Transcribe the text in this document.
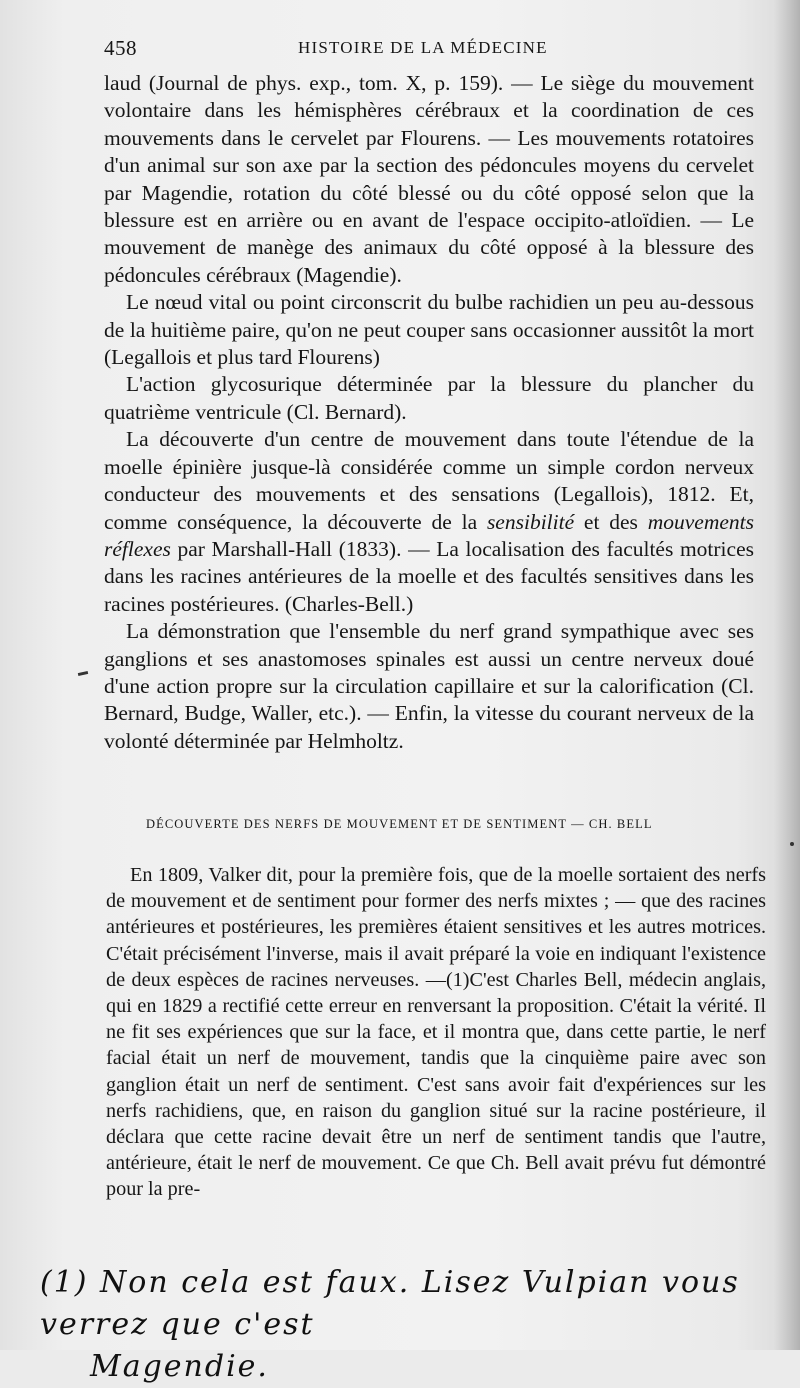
458	HISTOIRE DE LA MÉDECINE

laud (Journal de phys. exp., tom. X, p. 159). — Le siège du mouvement volontaire dans les hémisphères cérébraux et la coordination de ces mouvements dans le cervelet par Flourens. — Les mouvements rotatoires d'un animal sur son axe par la section des pédoncules moyens du cervelet par Magendie, rotation du côté blessé ou du côté opposé selon que la blessure est en arrière ou en avant de l'espace occipito-atloïdien. — Le mouvement de manège des animaux du côté opposé à la blessure des pédoncules cérébraux (Magendie).

Le nœud vital ou point circonscrit du bulbe rachidien un peu au-dessous de la huitième paire, qu'on ne peut couper sans occasionner aussitôt la mort (Legallois et plus tard Flourens)

L'action glycosurique déterminée par la blessure du plancher du quatrième ventricule (Cl. Bernard).

La découverte d'un centre de mouvement dans toute l'étendue de la moelle épinière jusque-là considérée comme un simple cordon nerveux conducteur des mouvements et des sensations (Legallois), 1812. Et, comme conséquence, la découverte de la sensibilité et des mouvements réflexes par Marshall-Hall (1833). — La localisation des facultés motrices dans les racines antérieures de la moelle et des facultés sensitives dans les racines postérieures. (Charles-Bell.)

La démonstration que l'ensemble du nerf grand sympathique avec ses ganglions et ses anastomoses spinales est aussi un centre nerveux doué d'une action propre sur la circulation capillaire et sur la calorification (Cl. Bernard, Budge, Waller, etc.). — Enfin, la vitesse du courant nerveux de la volonté déterminée par Helmholtz.

DÉCOUVERTE DES NERFS DE MOUVEMENT ET DE SENTIMENT — CH. BELL

En 1809, Valker dit, pour la première fois, que de la moelle sortaient des nerfs de mouvement et de sentiment pour former des nerfs mixtes ; — que des racines antérieures et postérieures, les premières étaient sensitives et les autres motrices. C'était précisément l'inverse, mais il avait préparé la voie en indiquant l'existence de deux espèces de racines nerveuses. —(1)C'est Charles Bell, médecin anglais, qui en 1829 a rectifié cette erreur en renversant la proposition. C'était la vérité. Il ne fit ses expériences que sur la face, et il montra que, dans cette partie, le nerf facial était un nerf de mouvement, tandis que la cinquième paire avec son ganglion était un nerf de sentiment. C'est sans avoir fait d'expériences sur les nerfs rachidiens, que, en raison du ganglion situé sur la racine postérieure, il déclara que cette racine devait être un nerf de sentiment tandis que l'autre, antérieure, était le nerf de mouvement. Ce que Ch. Bell avait prévu fut démontré pour la pre-

(1) Non cela est faux. Lisez Vulpian vous verrez que c'est
Magendie.
